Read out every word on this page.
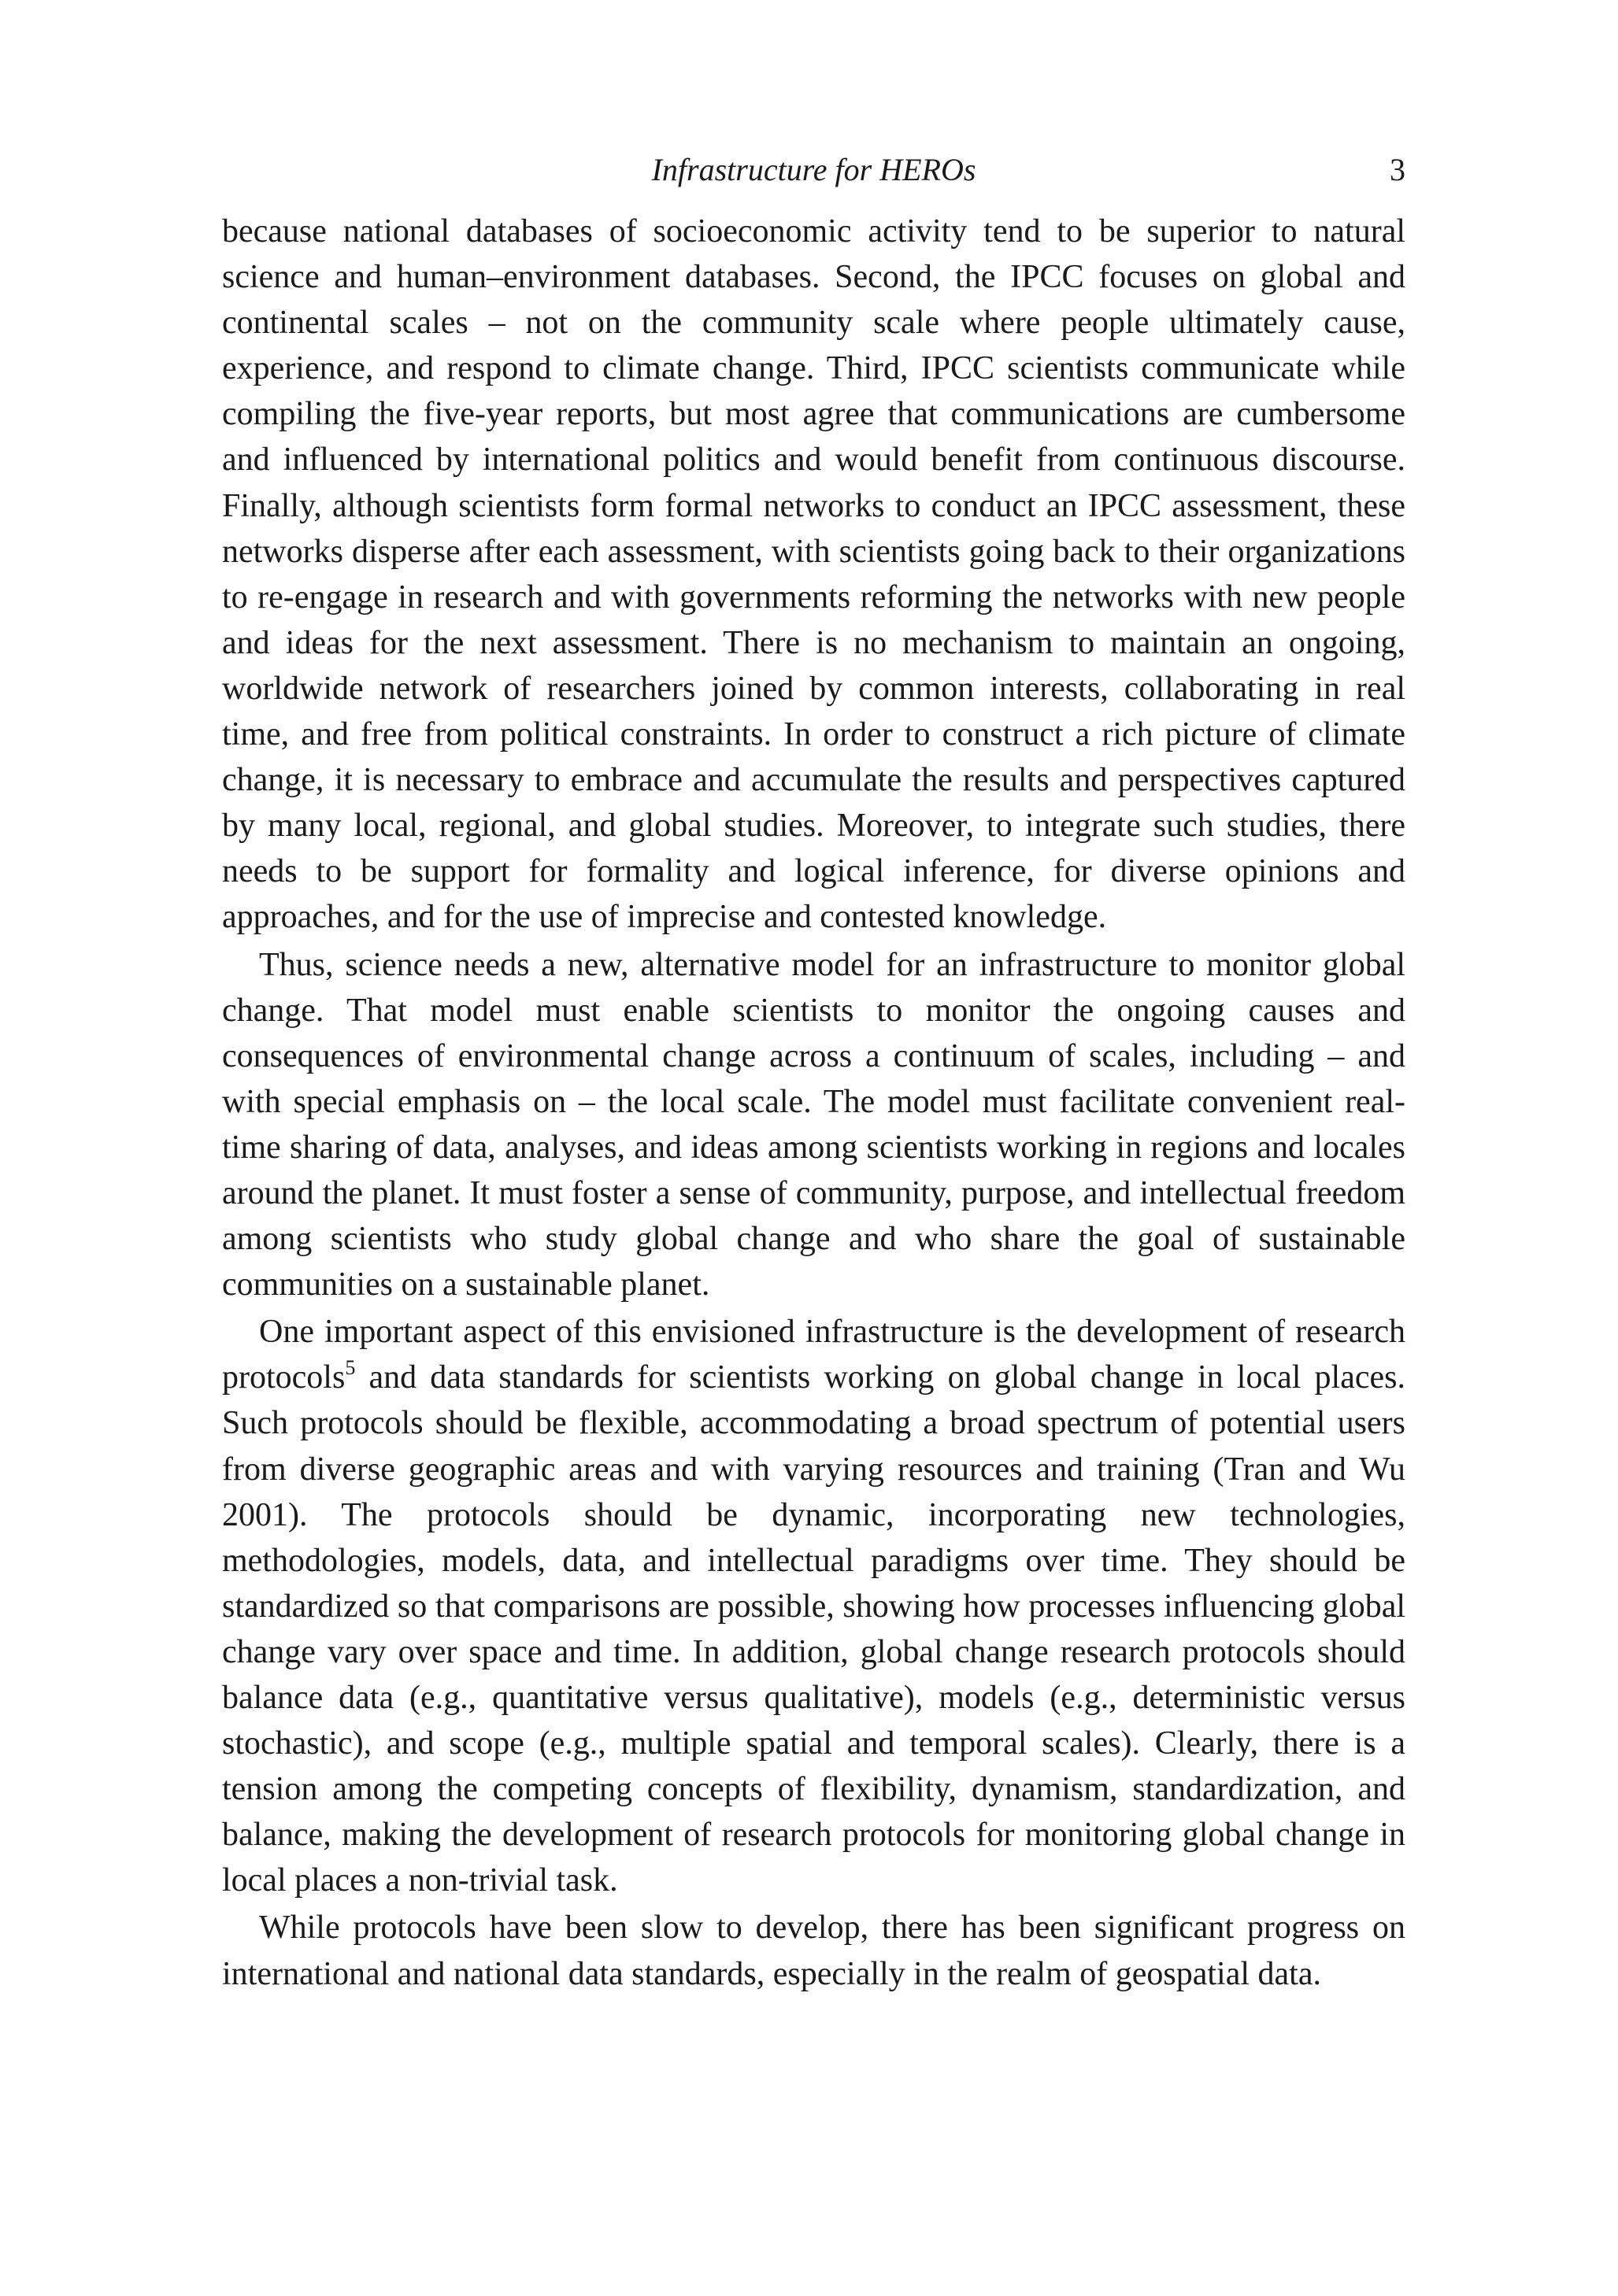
Infrastructure for HEROs	3

because national databases of socioeconomic activity tend to be superior to natural science and human–environment databases. Second, the IPCC focuses on global and continental scales – not on the community scale where people ultimately cause, experience, and respond to climate change. Third, IPCC scientists communicate while compiling the five-year reports, but most agree that communications are cumbersome and influenced by international politics and would benefit from continuous discourse. Finally, although scientists form formal networks to conduct an IPCC assessment, these networks disperse after each assessment, with scientists going back to their organizations to re-engage in research and with governments reforming the networks with new people and ideas for the next assessment. There is no mechanism to maintain an ongoing, worldwide network of researchers joined by common interests, collaborating in real time, and free from political constraints. In order to construct a rich picture of climate change, it is necessary to embrace and accumulate the results and perspectives captured by many local, regional, and global studies. Moreover, to integrate such studies, there needs to be support for formality and logical inference, for diverse opinions and approaches, and for the use of imprecise and contested knowledge.

Thus, science needs a new, alternative model for an infrastructure to monitor global change. That model must enable scientists to monitor the ongoing causes and consequences of environmental change across a continuum of scales, including – and with special emphasis on – the local scale. The model must facilitate convenient real-time sharing of data, analyses, and ideas among scientists working in regions and locales around the planet. It must foster a sense of community, purpose, and intellectual freedom among scientists who study global change and who share the goal of sustainable communities on a sustainable planet.

One important aspect of this envisioned infrastructure is the development of research protocols$^5$ and data standards for scientists working on global change in local places. Such protocols should be flexible, accommodating a broad spectrum of potential users from diverse geographic areas and with varying resources and training (Tran and Wu 2001). The protocols should be dynamic, incorporating new technologies, methodologies, models, data, and intellectual paradigms over time. They should be standardized so that comparisons are possible, showing how processes influencing global change vary over space and time. In addition, global change research protocols should balance data (e.g., quantitative versus qualitative), models (e.g., deterministic versus stochastic), and scope (e.g., multiple spatial and temporal scales). Clearly, there is a tension among the competing concepts of flexibility, dynamism, standardization, and balance, making the development of research protocols for monitoring global change in local places a non-trivial task.

While protocols have been slow to develop, there has been significant progress on international and national data standards, especially in the realm of geospatial data.
